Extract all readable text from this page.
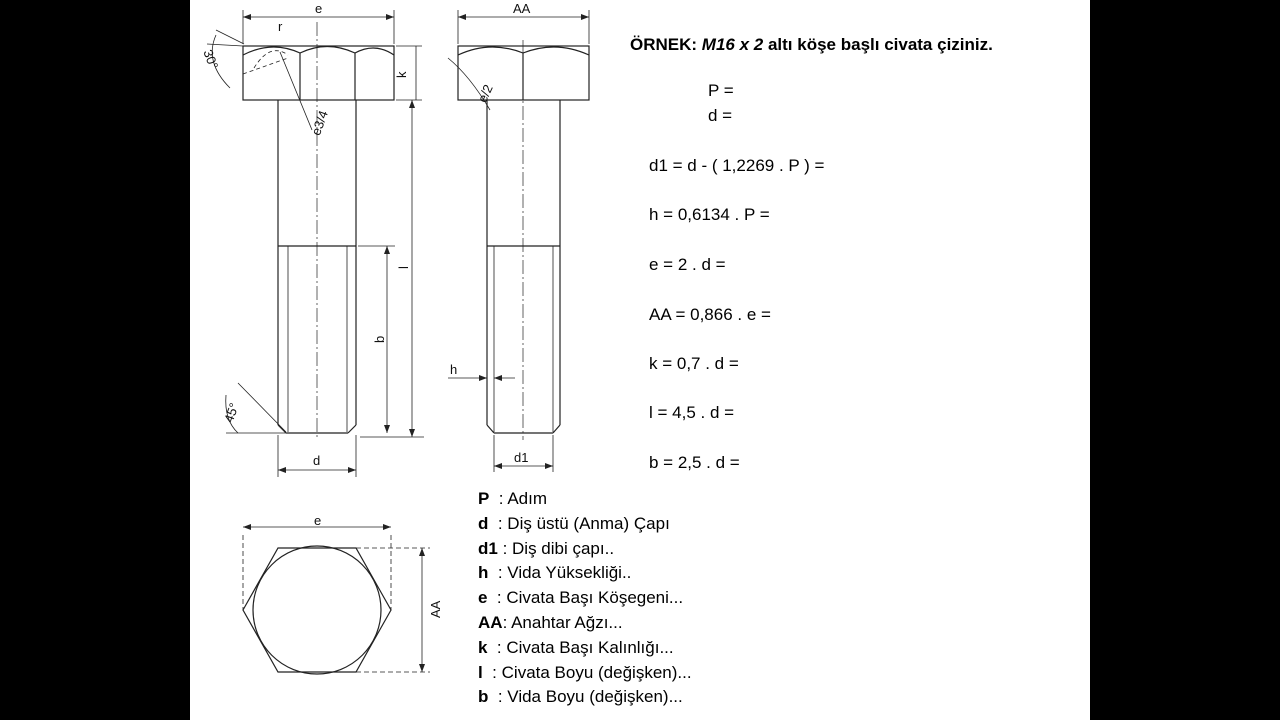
e	AA
k
l
b
d	d1
h
30°
45°
r
e3/4
e/2
e
AA
ÖRNEK: M16 x 2 altı köşe başlı civata çiziniz.
P =
d =
d1 = d - ( 1,2269 . P ) =
h = 0,6134 . P =
e = 2 . d =
AA = 0,866 . e =
k = 0,7 . d =
l = 4,5 . d =
b = 2,5 . d =
P  : Adım
d  : Diş üstü (Anma) Çapı
d1 : Diş dibi çapı..
h  : Vida Yüksekliği..
e  : Civata Başı Köşegeni...
AA: Anahtar Ağzı...
k  : Civata Başı Kalınlığı...
l  : Civata Boyu (değişken)...
b  : Vida Boyu (değişken)...
